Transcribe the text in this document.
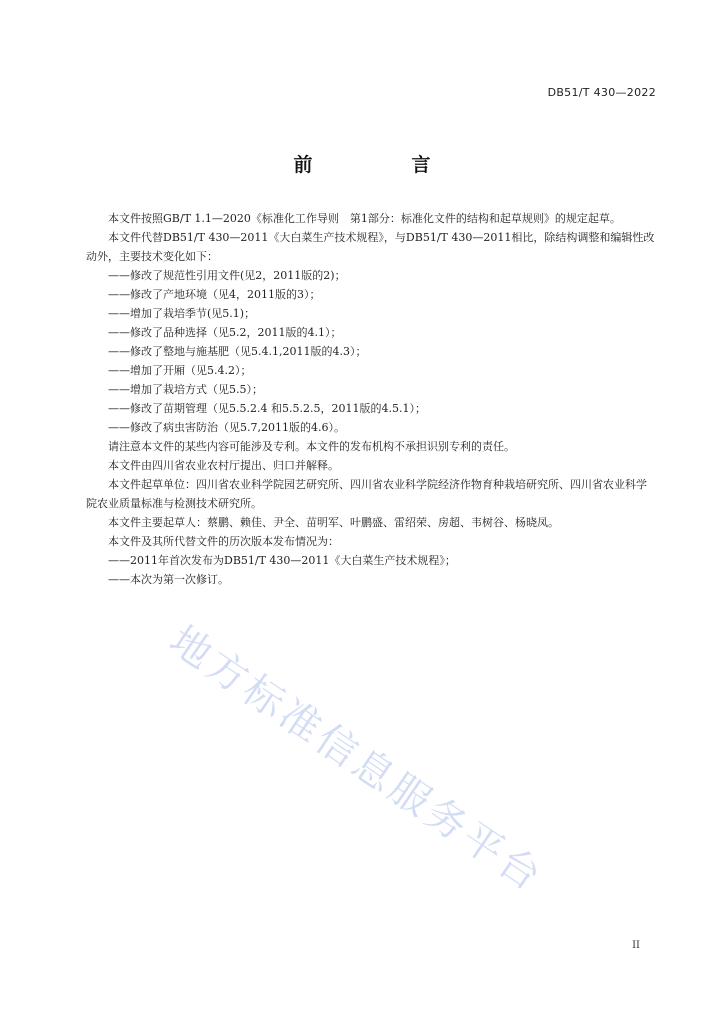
DB51/T 430—2022
前　言

本文件按照GB/T 1.1—2020《标准化工作导则　第1部分：标准化文件的结构和起草规则》的规定起草。

本文件代替DB51/T 430—2011《大白菜生产技术规程》，与DB51/T 430—2011相比，除结构调整和编辑性改动外，主要技术变化如下：

——修改了规范性引用文件(见2，2011版的2)；

——修改了产地环境（见4，2011版的3）；

——增加了栽培季节(见5.1)；

——修改了品种选择（见5.2，2011版的4.1）；

——修改了整地与施基肥（见5.4.1,2011版的4.3）；

——增加了开厢（见5.4.2）；

——增加了栽培方式（见5.5）；

——修改了苗期管理（见5.5.2.4 和5.5.2.5，2011版的4.5.1）；

——修改了病虫害防治（见5.7,2011版的4.6）。

请注意本文件的某些内容可能涉及专利。本文件的发布机构不承担识别专利的责任。

本文件由四川省农业农村厅提出、归口并解释。

本文件起草单位：四川省农业科学院园艺研究所、四川省农业科学院经济作物育种栽培研究所、四川省农业科学院农业质量标准与检测技术研究所。

本文件主要起草人：蔡鹏、赖佳、尹全、苗明军、叶鹏盛、雷绍荣、房超、韦树谷、杨晓凤。

本文件及其所代替文件的历次版本发布情况为：

——2011年首次发布为DB51/T 430—2011《大白菜生产技术规程》；

——本次为第一次修订。

地方标准信息服务平台
II
